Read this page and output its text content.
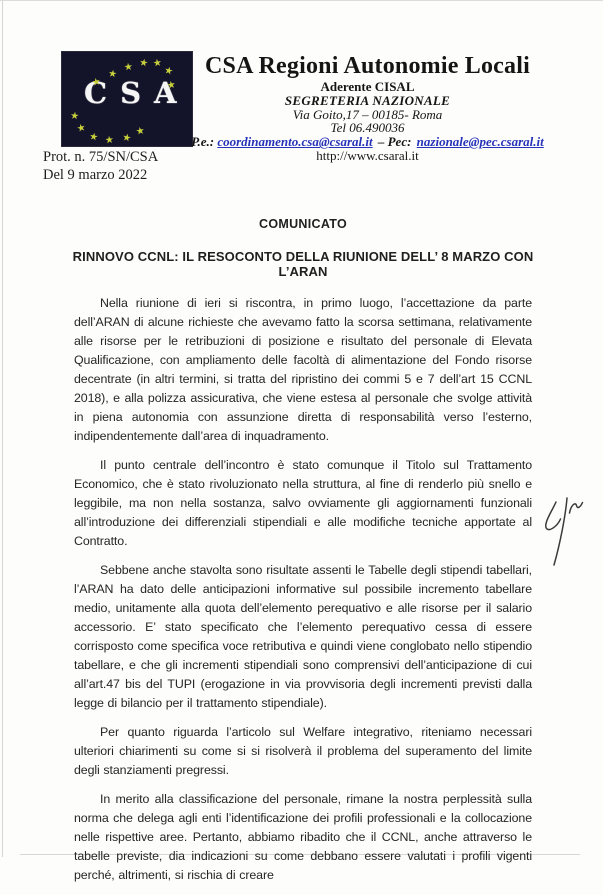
CSA
★
★
★
★
★
★
★
★
★
★
★
★
★
Prot. n. 75/SN/CSA
Del 9 marzo 2022
CSA Regioni Autonomie Locali
Aderente CISAL
SEGRETERIA NAZIONALE
Via Goito,17 – 00185- Roma
Tel 06.490036
P.e.: coordinamento.csa@csaral.it – Pec: nazionale@pec.csaral.it
http://www.csaral.it
COMUNICATO
RINNOVO CCNL: IL RESOCONTO DELLA RIUNIONE DELL’ 8 MARZO CON L’ARAN

Nella riunione di ieri si riscontra, in primo luogo, l’accettazione da parte dell’ARAN di alcune richieste che avevamo fatto la scorsa settimana, relativamente alle risorse per le retribuzioni di posizione e risultato del personale di Elevata Qualificazione, con ampliamento delle facoltà di alimentazione del Fondo risorse decentrate (in altri termini, si tratta del ripristino dei commi 5 e 7 dell’art 15 CCNL 2018), e alla polizza assicurativa, che viene estesa al personale che svolge attività in piena autonomia con assunzione diretta di responsabilità verso l’esterno, indipendentemente dall’area di inquadramento.

Il punto centrale dell’incontro è stato comunque il Titolo sul Trattamento Economico, che è stato rivoluzionato nella struttura, al fine di renderlo più snello e leggibile, ma non nella sostanza, salvo ovviamente gli aggiornamenti funzionali all’introduzione dei differenziali stipendiali e alle modifiche tecniche apportate al Contratto.

Sebbene anche stavolta sono risultate assenti le Tabelle degli stipendi tabellari, l’ARAN ha dato delle anticipazioni informative sul possibile incremento tabellare medio, unitamente alla quota dell’elemento perequativo e alle risorse per il salario accessorio. E’ stato specificato che l’elemento perequativo cessa di essere corrisposto come specifica voce retributiva e quindi viene conglobato nello stipendio tabellare, e che gli incrementi stipendiali sono comprensivi dell’anticipazione di cui all’art.47 bis del TUPI (erogazione in via provvisoria degli incrementi previsti dalla legge di bilancio per il trattamento stipendiale).

Per quanto riguarda l’articolo sul Welfare integrativo, riteniamo necessari ulteriori chiarimenti su come si si risolverà il problema del superamento del limite degli stanziamenti pregressi.

In merito alla classificazione del personale, rimane la nostra perplessità sulla norma che delega agli enti l’identificazione dei profili professionali e la collocazione nelle rispettive aree. Pertanto, abbiamo ribadito che il CCNL, anche attraverso le tabelle previste, dia indicazioni su come debbano essere valutati i profili vigenti perché, altrimenti, si rischia di creare
